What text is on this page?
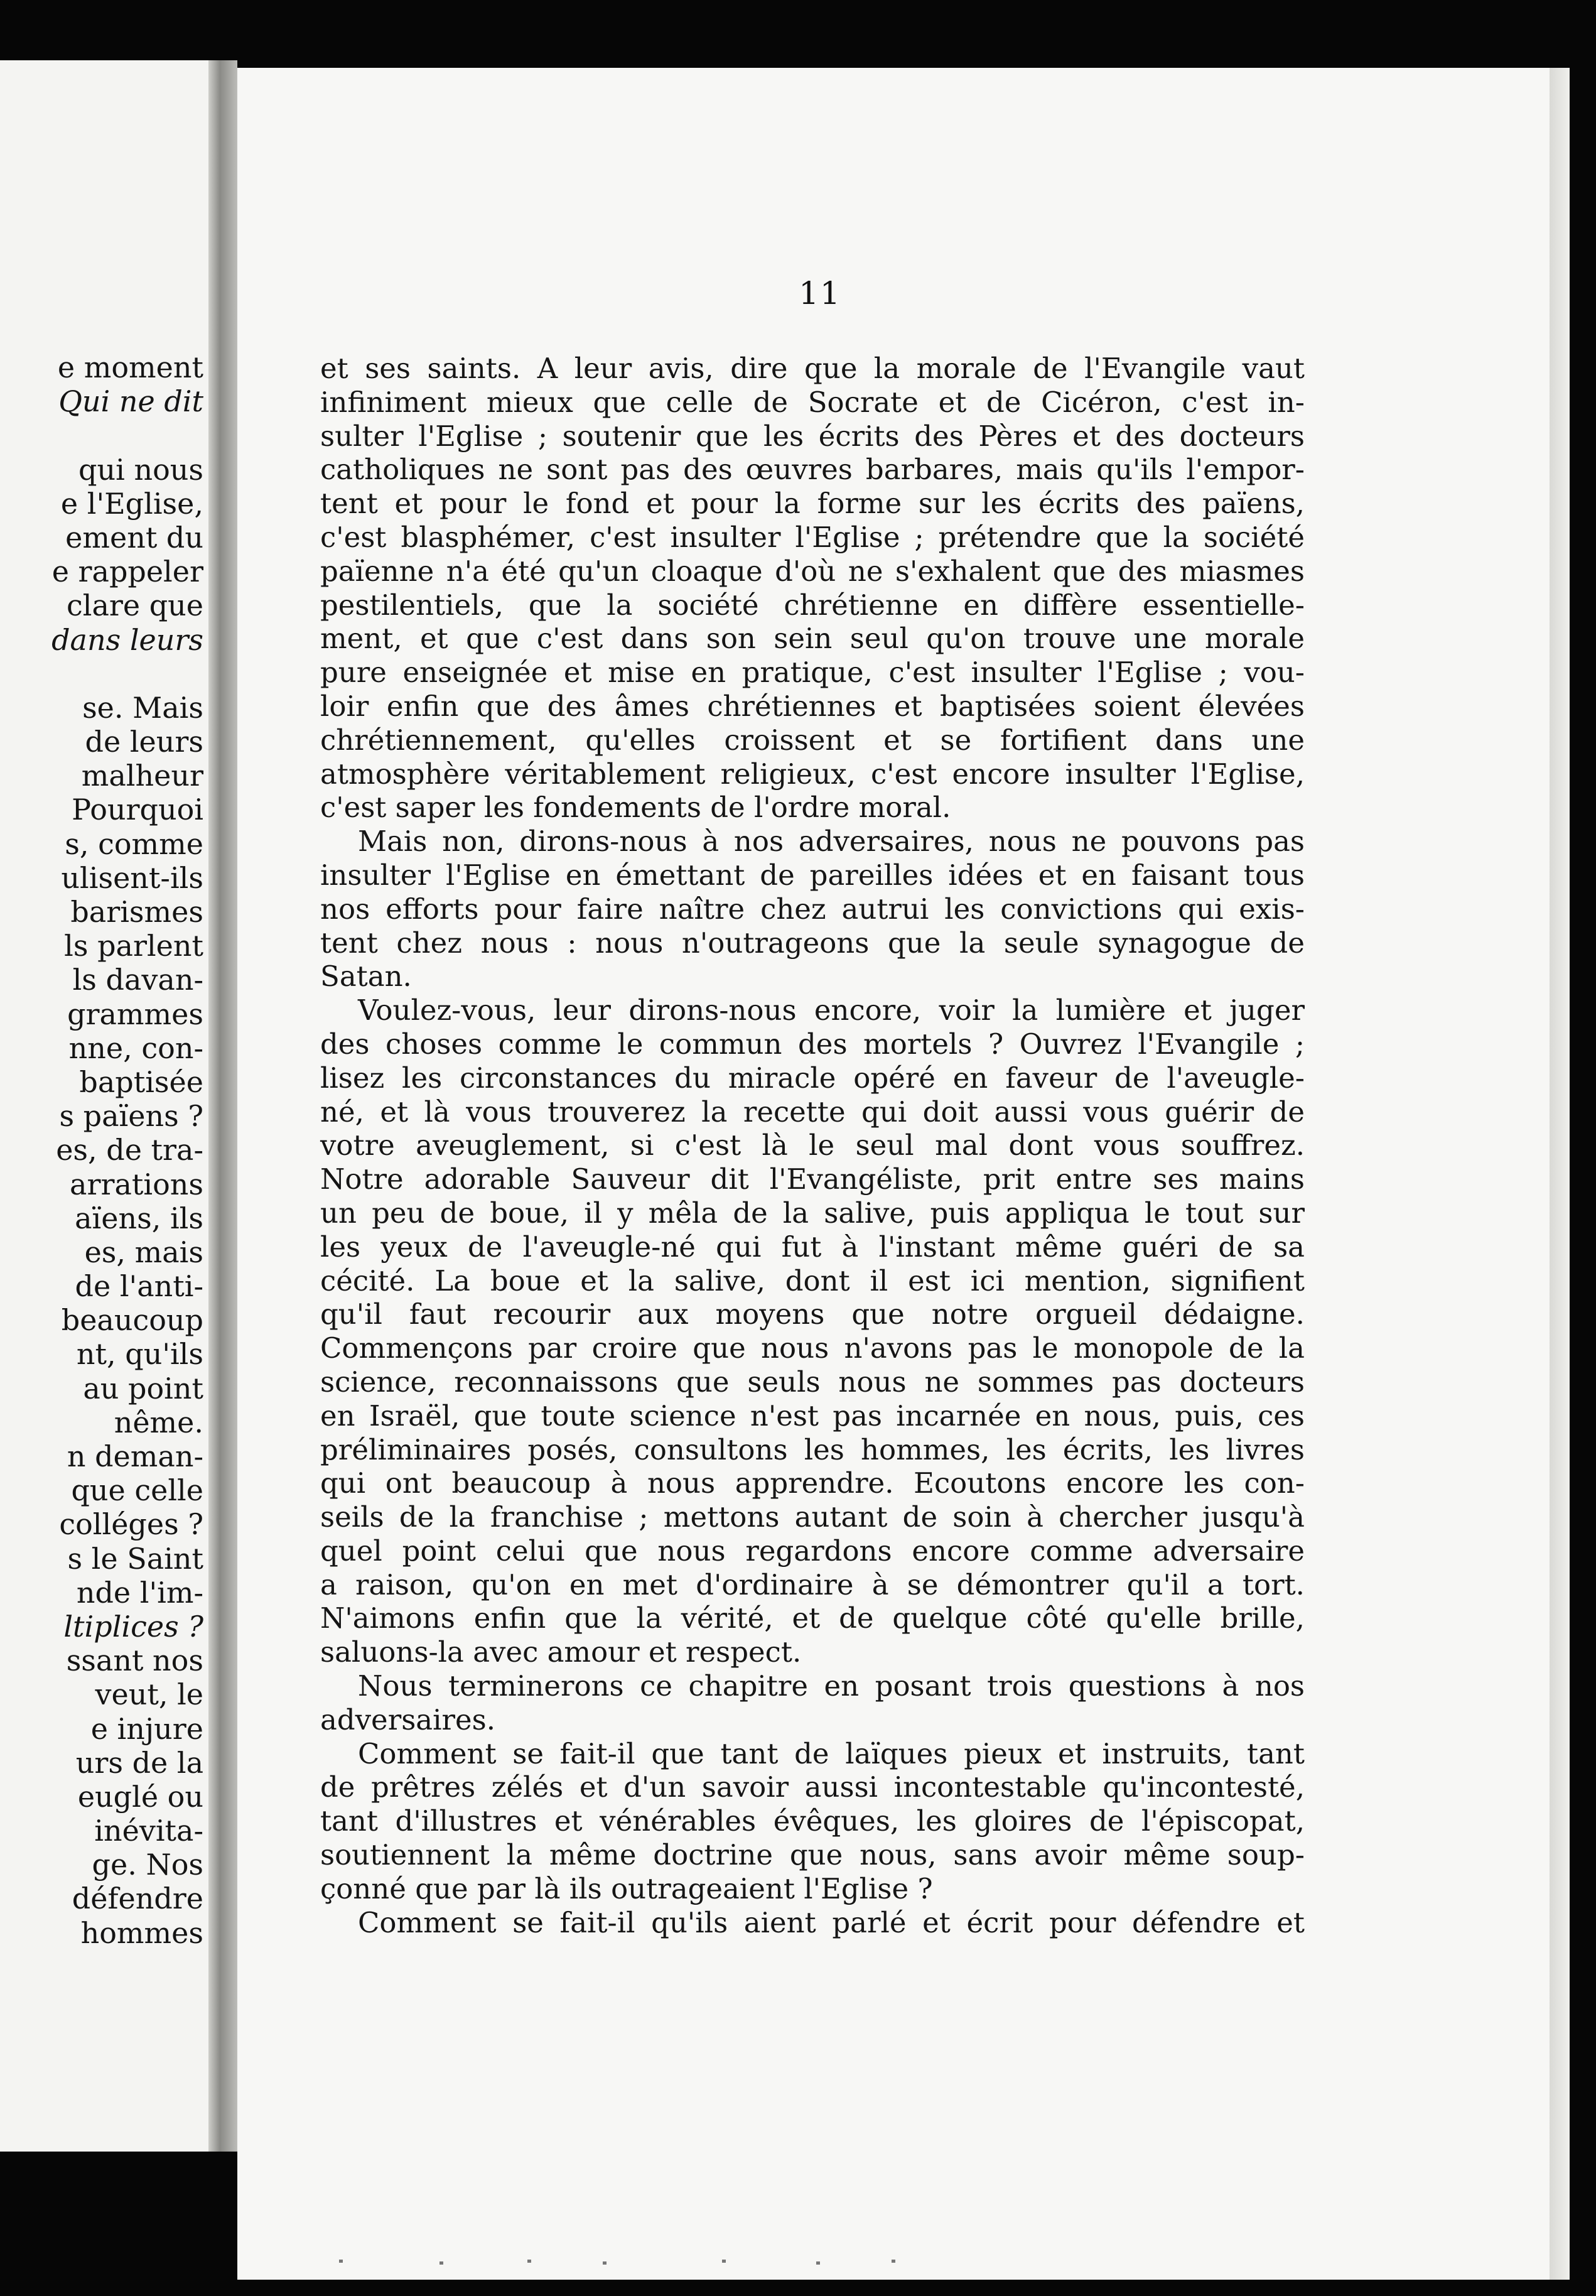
e moment
Qui ne dit
qui nous
e l'Eglise,
ement du
e rappeler
clare que
dans leurs
se. Mais
de leurs
malheur
Pourquoi
s, comme
ulisent-ils
barismes
ls parlent
ls davan-
grammes
nne, con-
baptisée
s païens ?
es, de tra-
arrations
aïens, ils
es, mais
de l'anti-
beaucoup
nt, qu'ils
au point
nême.
n deman-
que celle
colléges ?
s le Saint
nde l'im-
ltiplices ?
ssant nos
veut, le
e injure
urs de la
euglé ou
inévita-
ge. Nos
défendre
hommes
11
et ses saints. A leur avis, dire que la morale de l'Evangile vaut
infiniment mieux que celle de Socrate et de Cicéron, c'est in-
sulter l'Eglise ; soutenir que les écrits des Pères et des docteurs
catholiques ne sont pas des œuvres barbares, mais qu'ils l'empor-
tent et pour le fond et pour la forme sur les écrits des païens,
c'est blasphémer, c'est insulter l'Eglise ; prétendre que la société
païenne n'a été qu'un cloaque d'où ne s'exhalent que des miasmes
pestilentiels, que la société chrétienne en diffère essentielle-
ment, et que c'est dans son sein seul qu'on trouve une morale
pure enseignée et mise en pratique, c'est insulter l'Eglise ; vou-
loir enfin que des âmes chrétiennes et baptisées soient élevées
chrétiennement, qu'elles croissent et se fortifient dans une
atmosphère véritablement religieux, c'est encore insulter l'Eglise,
c'est saper les fondements de l'ordre moral.
Mais non, dirons-nous à nos adversaires, nous ne pouvons pas
insulter l'Eglise en émettant de pareilles idées et en faisant tous
nos efforts pour faire naître chez autrui les convictions qui exis-
tent chez nous : nous n'outrageons que la seule synagogue de
Satan.
Voulez-vous, leur dirons-nous encore, voir la lumière et juger
des choses comme le commun des mortels ? Ouvrez l'Evangile ;
lisez les circonstances du miracle opéré en faveur de l'aveugle-
né, et là vous trouverez la recette qui doit aussi vous guérir de
votre aveuglement, si c'est là le seul mal dont vous souffrez.
Notre adorable Sauveur dit l'Evangéliste, prit entre ses mains
un peu de boue, il y mêla de la salive, puis appliqua le tout sur
les yeux de l'aveugle-né qui fut à l'instant même guéri de sa
cécité. La boue et la salive, dont il est ici mention, signifient
qu'il faut recourir aux moyens que notre orgueil dédaigne.
Commençons par croire que nous n'avons pas le monopole de la
science, reconnaissons que seuls nous ne sommes pas docteurs
en Israël, que toute science n'est pas incarnée en nous, puis, ces
préliminaires posés, consultons les hommes, les écrits, les livres
qui ont beaucoup à nous apprendre. Ecoutons encore les con-
seils de la franchise ; mettons autant de soin à chercher jusqu'à
quel point celui que nous regardons encore comme adversaire
a raison, qu'on en met d'ordinaire à se démontrer qu'il a tort.
N'aimons enfin que la vérité, et de quelque côté qu'elle brille,
saluons-la avec amour et respect.
Nous terminerons ce chapitre en posant trois questions à nos
adversaires.
Comment se fait-il que tant de laïques pieux et instruits, tant
de prêtres zélés et d'un savoir aussi incontestable qu'incontesté,
tant d'illustres et vénérables évêques, les gloires de l'épiscopat,
soutiennent la même doctrine que nous, sans avoir même soup-
çonné que par là ils outrageaient l'Eglise ?
Comment se fait-il qu'ils aient parlé et écrit pour défendre et
